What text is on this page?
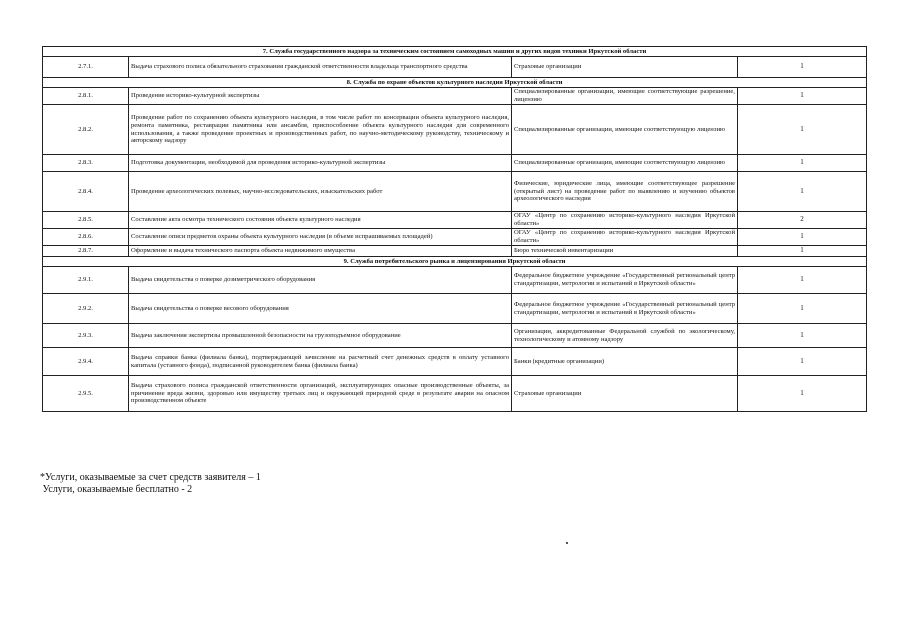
7. Служба государственного надзора за техническим состоянием самоходных машин и других видов техники Иркутской области			
2.7.1.	Выдача страхового полиса обязательного страхования гражданской ответственности владельца транспортного средства	Страховые организации	1
8. Служба по охране объектов культурного наследия Иркутской области			
2.8.1.	Проведение историко-культурной экспертизы	Специализированные организации, имеющие соответствующие разрешение, лицензию	1
2.8.2.	Проведение работ по сохранению объекта культурного наследия, в том числе работ по консервации объекта культурного наследия, ремонта памятника, реставрации памятника или ансамбля, приспособление объекта культурного наследия для современного использования, а также проведение проектных и производственных работ, по научно-методическому руководству, техническому и авторскому надзору	Специализированные организации, имеющие соответствующую лицензию	1
2.8.3.	Подготовка документации, необходимой для проведения историко-культурной экспертизы	Специализированные организации, имеющие соответствующую лицензию	1
2.8.4.	Проведение археологических полевых, научно-исследовательских, изыскательских работ	Физические, юридические лица, имеющие соответствующее разрешение (открытый лист) на проведение работ по выявлению и изучению объектов археологического наследия	1
2.8.5.	Составление акта осмотра технического состояния объекта культурного наследия	ОГАУ «Центр по сохранению историко-культурного наследия Иркутской области»	2
2.8.6.	Составление описи предметов охраны объекта культурного наследия (в объеме испрашиваемых площадей)	ОГАУ «Центр по сохранению историко-культурного наследия Иркутской области»	1
2.8.7.	Оформление и выдача технического паспорта объекта недвижимого имущества	Бюро технической инвентаризации	1
9. Служба потребительского рынка и лицензирования Иркутской области			
2.9.1.	Выдача свидетельства о поверке дозиметрического оборудования	Федеральное бюджетное учреждение «Государственный региональный центр стандартизации, метрологии и испытаний в Иркутской области»	1
2.9.2.	Выдача свидетельства о поверке весового оборудования	Федеральное бюджетное учреждение «Государственный региональный центр стандартизации, метрологии и испытаний в Иркутской области»	1
2.9.3.	Выдача заключения экспертизы промышленной безопасности на грузоподъемное оборудование	Организации, аккредитованные Федеральной службой по экологическому, технологическому и атомному надзору	1
2.9.4.	Выдача справки банка (филиала банка), подтверждающей зачисление на расчетный счет денежных средств в оплату уставного капитала (уставного фонда), подписанной руководителем банка (филиала банка)	Банки (кредитные организации)	1
2.9.5.	Выдача страхового полиса гражданской ответственности организаций, эксплуатирующих опасные производственные объекты, за причинение вреда жизни, здоровью или имуществу третьих лиц и окружающей природной среде в результате аварии на опасном производственном объекте	Страховые организации	1
*Услуги, оказываемые за счет средств заявителя – 1
Услуги, оказываемые бесплатно - 2
